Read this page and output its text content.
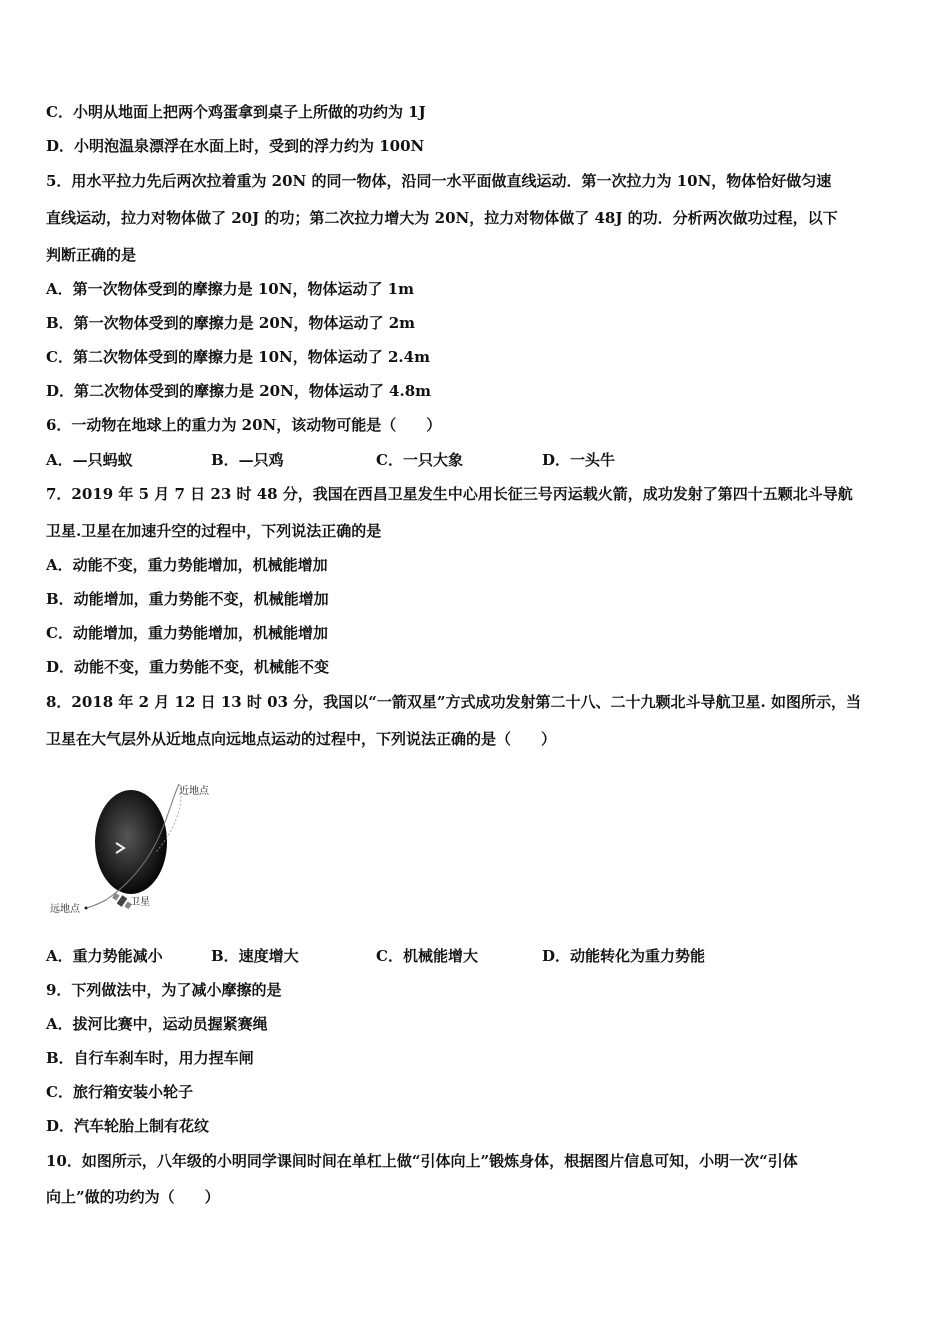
C．小明从地面上把两个鸡蛋拿到桌子上所做的功约为 1J
D．小明泡温泉漂浮在水面上时，受到的浮力约为 100N
5．用水平拉力先后两次拉着重为 20N 的同一物体，沿同一水平面做直线运动．第一次拉力为 10N，物体恰好做匀速
直线运动，拉力对物体做了 20J 的功；第二次拉力增大为 20N，拉力对物体做了 48J 的功．分析两次做功过程，以下
判断正确的是
A．第一次物体受到的摩擦力是 10N，物体运动了 1m
B．第一次物体受到的摩擦力是 20N，物体运动了 2m
C．第二次物体受到的摩擦力是 10N，物体运动了 2.4m
D．第二次物体受到的摩擦力是 20N，物体运动了 4.8m
6．一动物在地球上的重力为 20N，该动物可能是（　　）
A．—只蚂蚁	B．—只鸡	C．一只大象	D．一头牛
7．2019 年 5 月 7 日 23 时 48 分，我国在西昌卫星发生中心用长征三号丙运载火箭，成功发射了第四十五颗北斗导航
卫星.卫星在加速升空的过程中，下列说法正确的是
A．动能不变，重力势能增加，机械能增加
B．动能增加，重力势能不变，机械能增加
C．动能增加，重力势能增加，机械能增加
D．动能不变，重力势能不变，机械能不变
8．2018 年 2 月 12 日 13 时 03 分，我国以“一箭双星”方式成功发射第二十八、二十九颗北斗导航卫星. 如图所示，当
卫星在大气层外从近地点向远地点运动的过程中，下列说法正确的是（　　）
近地点
远地点
卫星
A．重力势能减小	B．速度增大	C．机械能增大	D．动能转化为重力势能
9．下列做法中，为了减小摩擦的是
A．拔河比赛中，运动员握紧赛绳
B．自行车刹车时，用力捏车闸
C．旅行箱安装小轮子
D．汽车轮胎上制有花纹
10．如图所示，八年级的小明同学课间时间在单杠上做“引体向上”锻炼身体，根据图片信息可知，小明一次“引体
向上”做的功约为（　　）
